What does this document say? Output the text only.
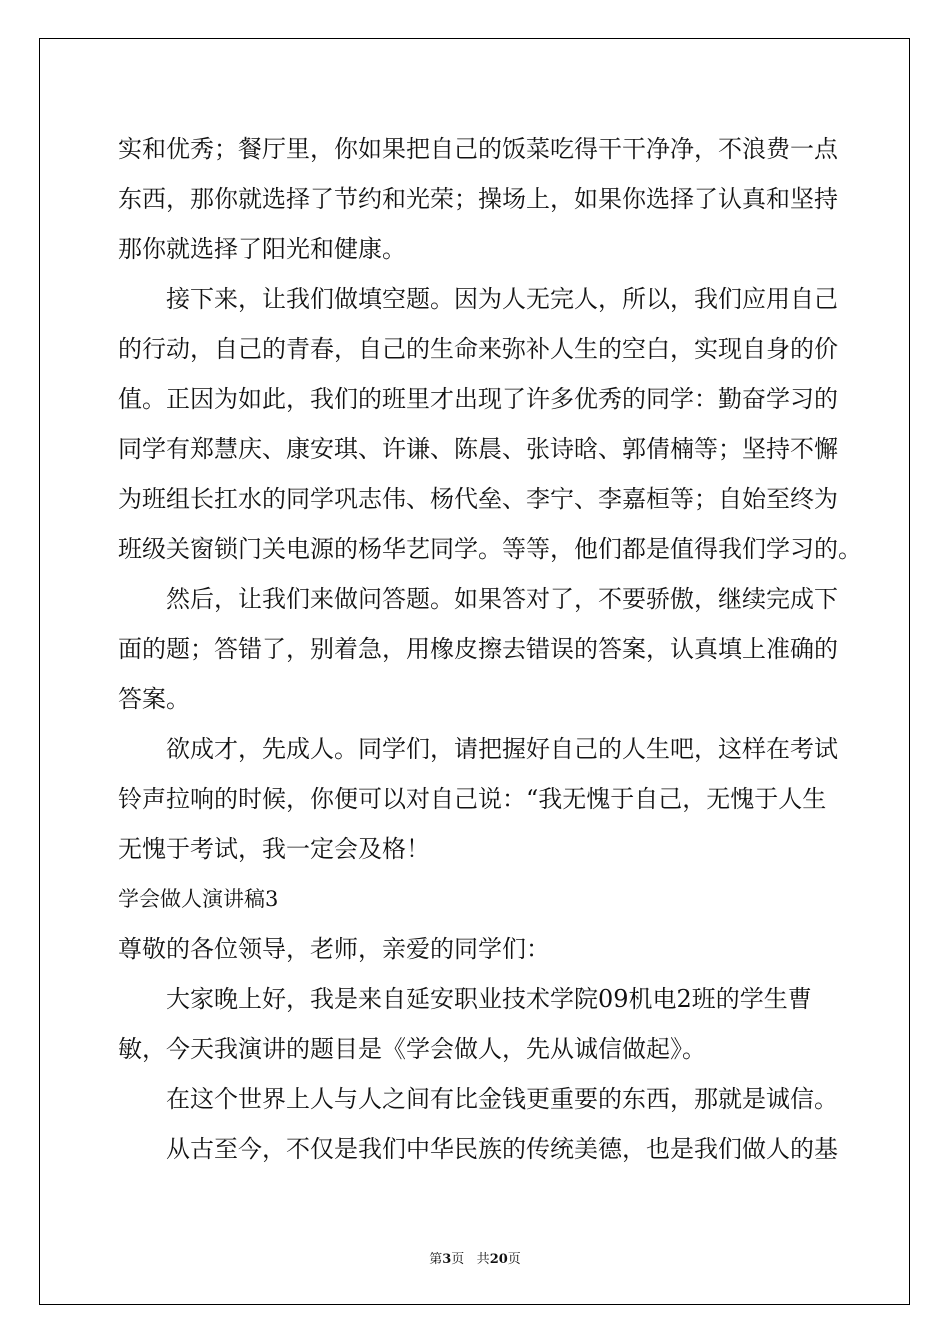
实和优秀；餐厅里，你如果把自己的饭菜吃得干干净净，不浪费一点
东西，那你就选择了节约和光荣；操场上，如果你选择了认真和坚持
那你就选择了阳光和健康。
接下来，让我们做填空题。因为人无完人，所以，我们应用自己
的行动，自己的青春，自己的生命来弥补人生的空白，实现自身的价
值。正因为如此，我们的班里才出现了许多优秀的同学：勤奋学习的
同学有郑慧庆、康安琪、许谦、陈晨、张诗晗、郭倩楠等；坚持不懈
为班组长扛水的同学巩志伟、杨代垒、李宁、李嘉桓等；自始至终为
班级关窗锁门关电源的杨华艺同学。等等，他们都是值得我们学习的。
然后，让我们来做问答题。如果答对了，不要骄傲，继续完成下
面的题；答错了，别着急，用橡皮擦去错误的答案，认真填上准确的
答案。
欲成才，先成人。同学们，请把握好自己的人生吧，这样在考试
铃声拉响的时候，你便可以对自己说：“我无愧于自己，无愧于人生
无愧于考试，我一定会及格！
学会做人演讲稿3
尊敬的各位领导，老师，亲爱的同学们：
大家晚上好，我是来自延安职业技术学院09机电2班的学生曹
敏，今天我演讲的题目是《学会做人，先从诚信做起》。
在这个世界上人与人之间有比金钱更重要的东西，那就是诚信。
从古至今，不仅是我们中华民族的传统美德，也是我们做人的基
第3页 共20页
